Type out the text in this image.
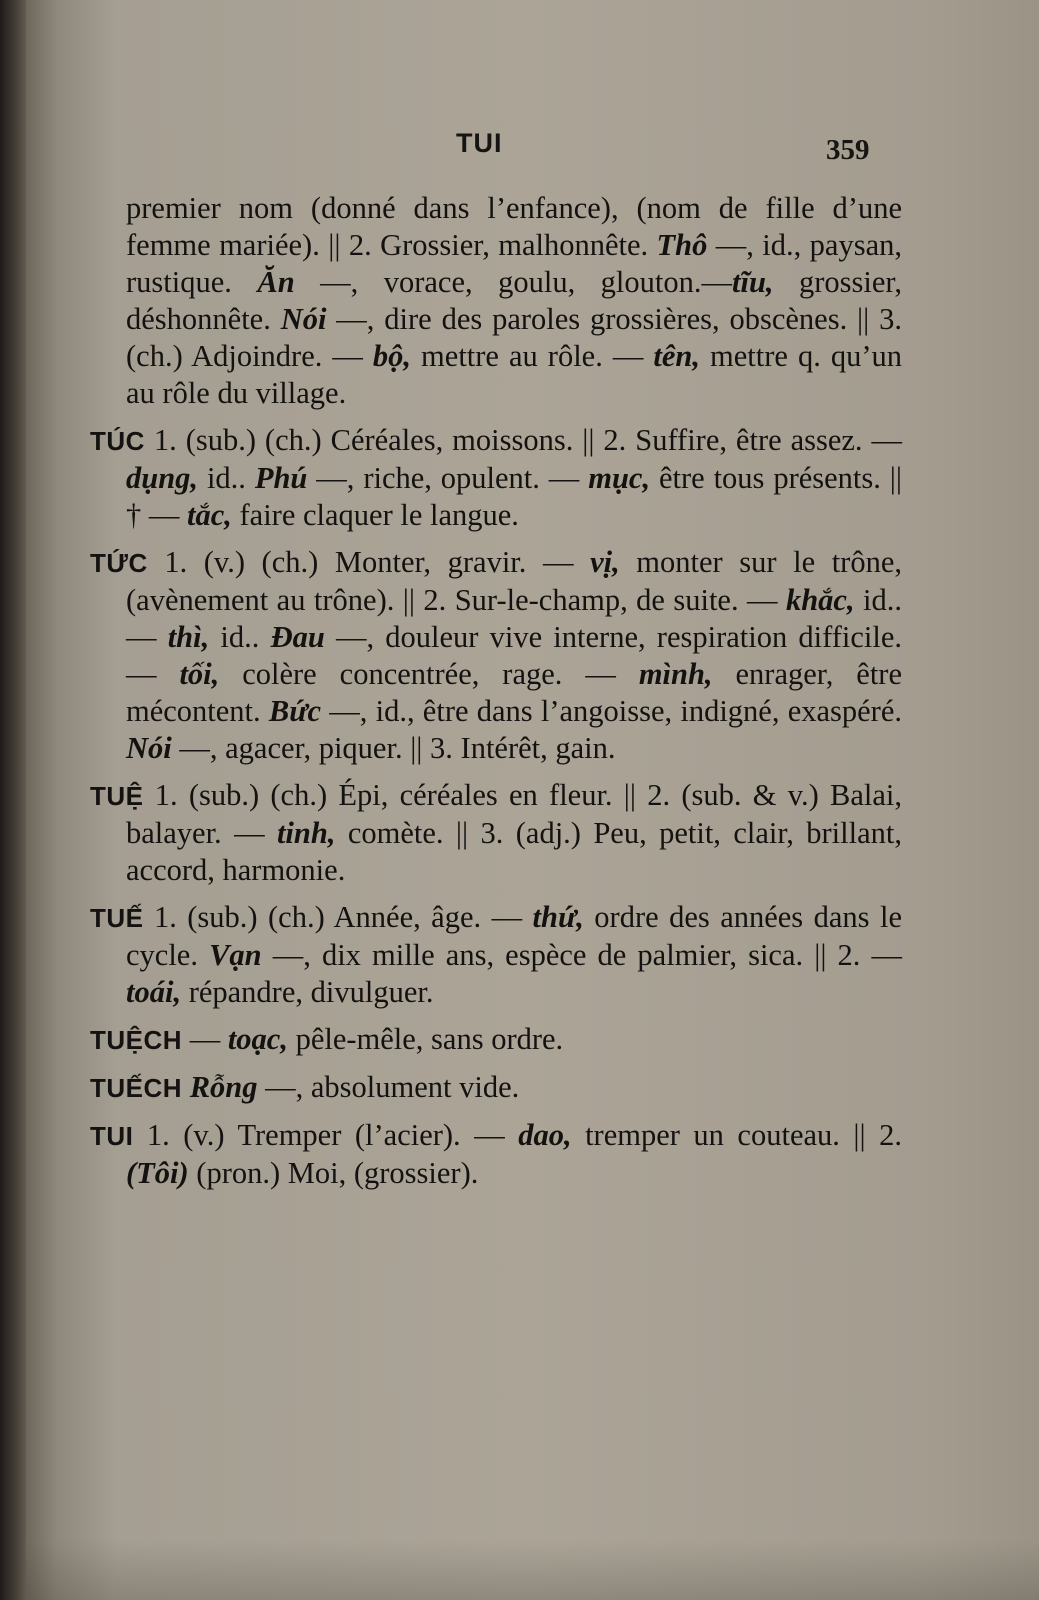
TUI	359
premier nom (donné dans l’enfance), (nom de fille d’une femme mariée). || 2. Grossier, malhonnête. Thô —, id., paysan, rustique. Ăn —, vorace, goulu, glouton.—tĩu, grossier, déshonnête. Nói —, dire des paroles grossières, obscènes. || 3. (ch.) Adjoindre. — bộ, mettre au rôle. — tên, mettre q. qu’un au rôle du village.
TÚC 1. (sub.) (ch.) Céréales, moissons. || 2. Suffire, être assez. — dụng, id.. Phú —, riche, opulent. — mục, être tous présents. || † — tắc, faire claquer le langue.
TỨC 1. (v.) (ch.) Monter, gravir. — vị, monter sur le trône, (avènement au trône). || 2. Sur-le-champ, de suite. — khắc, id.. — thì, id.. Đau —, douleur vive interne, respiration difficile. — tối, colère concentrée, rage. — mình, enrager, être mécontent. Bức —, id., être dans l’angoisse, indigné, exaspéré. Nói —, agacer, piquer. || 3. Intérêt, gain.
TUỆ 1. (sub.) (ch.) Épi, céréales en fleur. || 2. (sub. & v.) Balai, balayer. — tinh, comète. || 3. (adj.) Peu, petit, clair, brillant, accord, harmonie.
TUẾ 1. (sub.) (ch.) Année, âge. — thứ, ordre des années dans le cycle. Vạn —, dix mille ans, espèce de palmier, sica. || 2. — toái, répandre, divulguer.
TUỆCH — toạc, pêle-mêle, sans ordre.
TUẾCH Rỗng —, absolument vide.
TUI 1. (v.) Tremper (l’acier). — dao, tremper un couteau. || 2. (Tôi) (pron.) Moi, (grossier).
